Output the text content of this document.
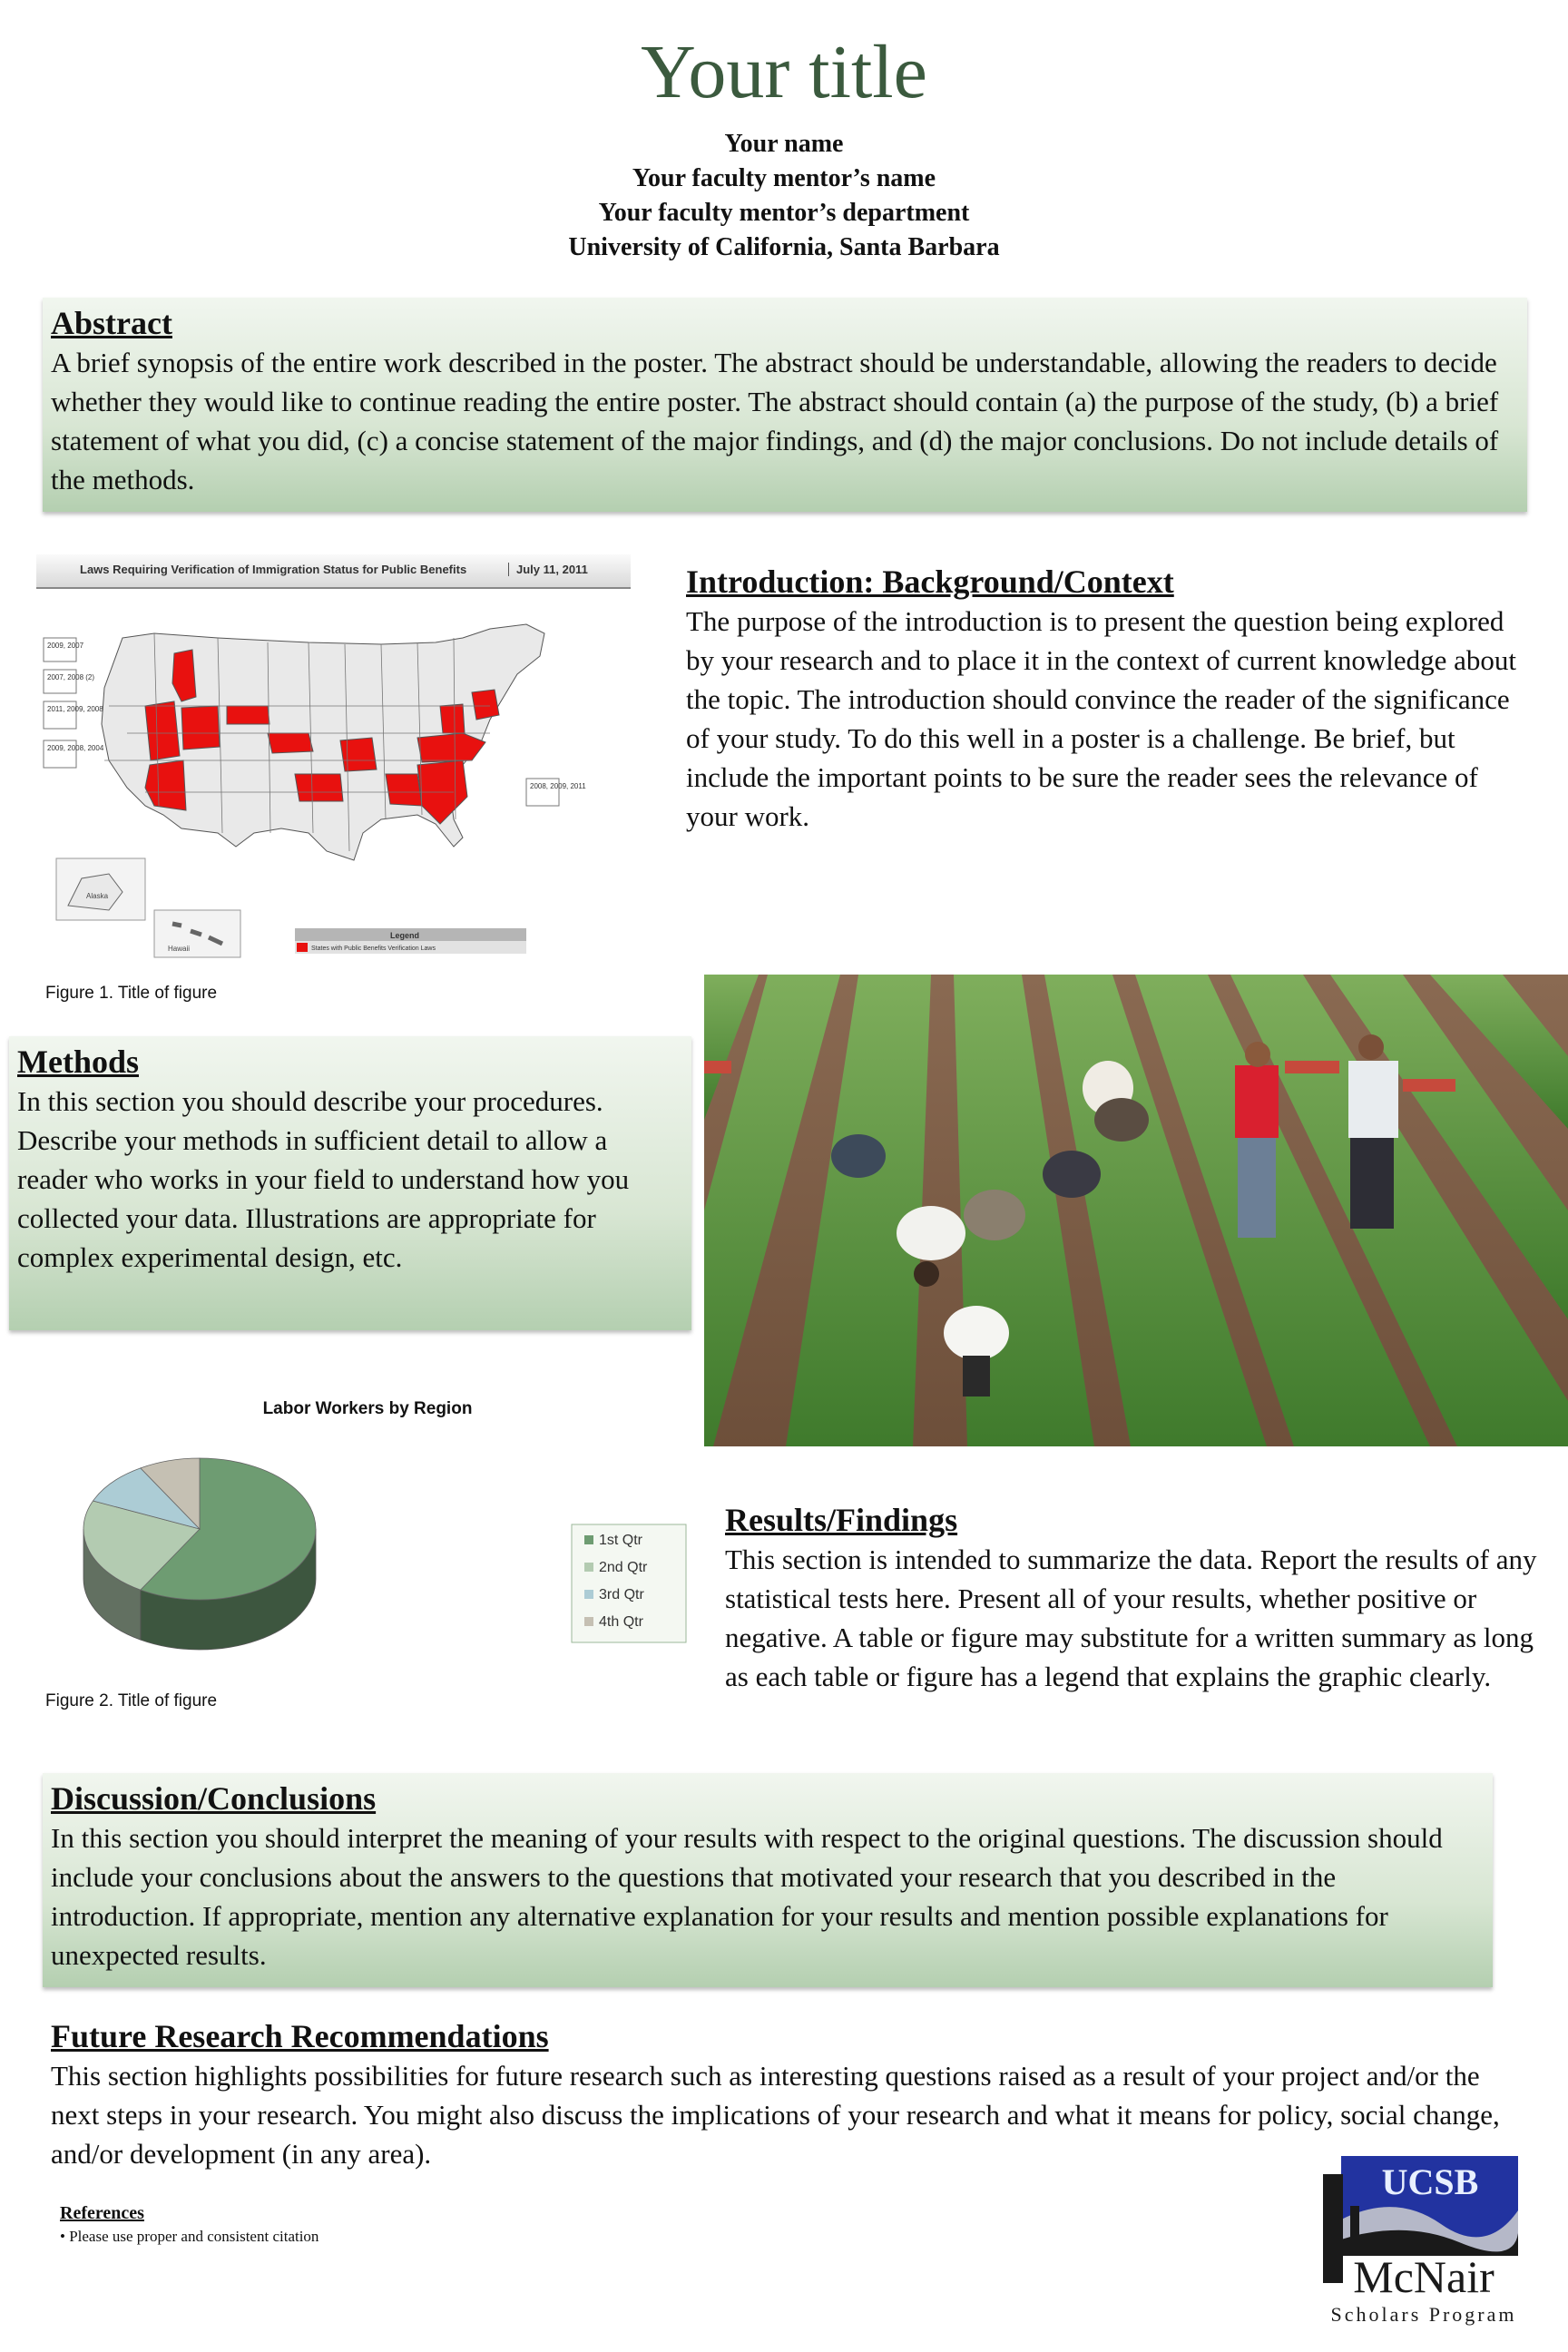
Your title
Your name
Your faculty mentor’s name
Your faculty mentor’s department
University of California, Santa Barbara
Abstract

A brief synopsis of the entire work described in the poster. The abstract should be understandable, allowing the readers to decide whether they would like to continue reading the entire poster. The abstract should contain (a) the purpose of the study, (b) a brief statement of what you did, (c) a concise statement of the major findings, and (d) the major conclusions. Do not include details of the methods.

Laws Requiring Verification of Immigration Status for Public Benefits	July 11, 2011
2009, 2007
2007, 2008 (2)
2011, 2009, 2008
2009, 2008, 2004
2008, 2009, 2011
Alaska
Hawaii
Legend
States with Public Benefits Verification Laws
Figure 1. Title of figure
Introduction: Background/Context

The purpose of the introduction is to present the question being explored by your research and to place it in the context of current knowledge about the topic. The introduction should convince the reader of the significance of your study. To do this well in a poster is a challenge. Be brief, but include the important points to be sure the reader sees the relevance of your work.

Methods

In this section you should describe your procedures. Describe your methods in sufficient detail to allow a reader who works in your field to understand how you collected your data. Illustrations are appropriate for complex experimental design, etc.

Labor Workers by Region
1st Qtr
2nd Qtr
3rd Qtr
4th Qtr
Figure 2. Title of figure
Results/Findings

This section is intended to summarize the data. Report the results of any statistical tests here. Present all of your results, whether positive or negative. A table or figure may substitute for a written summary as long as each table or figure has a legend that explains the graphic clearly.

Discussion/Conclusions

In this section you should interpret the meaning of your results with respect to the original questions. The discussion should include your conclusions about the answers to the questions that motivated your research that you described in the introduction. If appropriate, mention any alternative explanation for your results and mention possible explanations for unexpected results.

Future Research Recommendations

This section highlights possibilities for future research such as interesting questions raised as a result of your project and/or the next steps in your research. You might also discuss the implications of your research and what it means for policy, social change, and/or development (in any area).

References
• Please use proper and consistent citation
UCSB
McNair
Scholars Program
